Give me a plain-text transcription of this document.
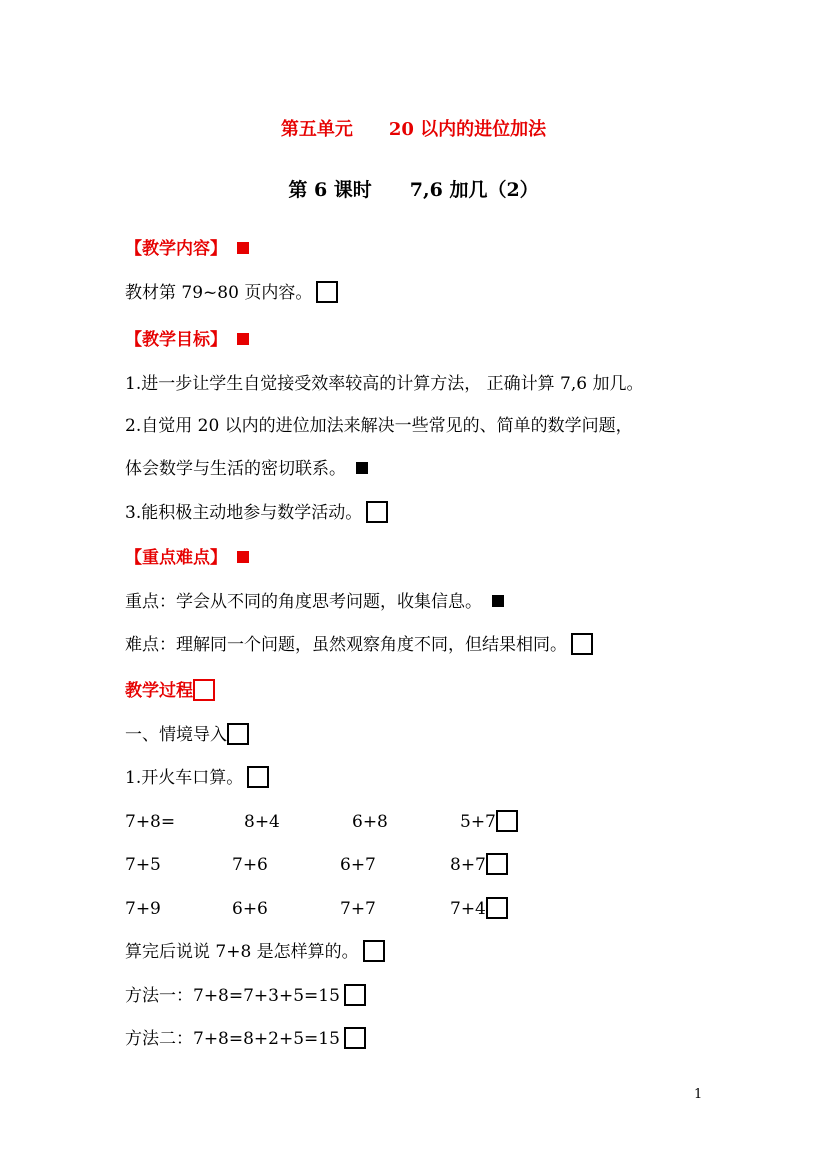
第五单元　　20 以内的进位加法
第 6 课时　　7,6 加几（2）
【教学内容】
教材第 79~80 页内容。
【教学目标】
1.进一步让学生自觉接受效率较高的计算方法， 正确计算 7,6 加几。
2.自觉用 20 以内的进位加法来解决一些常见的、简单的数学问题，
体会数学与生活的密切联系。
3.能积极主动地参与数学活动。
【重点难点】
重点：学会从不同的角度思考问题，收集信息。
难点：理解同一个问题，虽然观察角度不同，但结果相同。
教学过程
一、情境导入
1.开火车口算。
7+8=	8+4	6+8	5+7
7+5	7+6	6+7	8+7
7+9	6+6	7+7	7+4
算完后说说 7+8 是怎样算的。
方法一：7+8=7+3+5=15
方法二：7+8=8+2+5=15
1
